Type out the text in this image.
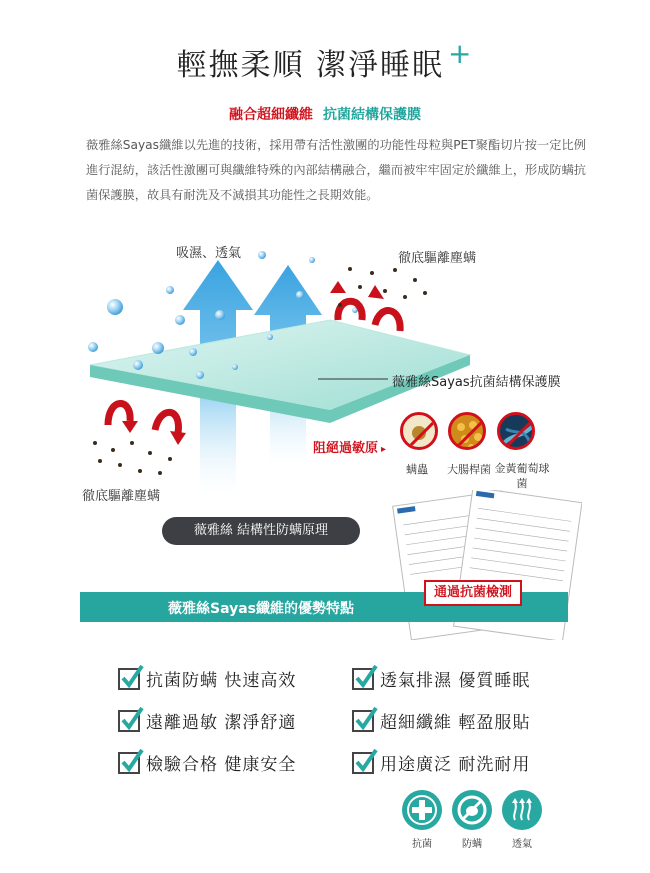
輕撫柔順 潔淨睡眠 +
融合超細纖維 抗菌結構保護膜
薇雅絲Sayas纖維以先進的技術，採用帶有活性激團的功能性母粒與PET聚酯切片按一定比例進行混紡，該活性激團可與纖維特殊的內部結構融合，繼而被牢牢固定於纖維上，形成防螨抗菌保護膜，故具有耐洗及不減損其功能性之長期效能。
吸濕、透氣	徹底驅離塵螨
薇雅絲Sayas抗菌結構保護膜
徹底驅離塵螨
阻絕過敏原 ▸
螨蟲 大腸桿菌 金黃葡萄球菌
薇雅絲 結構性防螨原理
薇雅絲Sayas纖維的優勢特點
通過抗菌檢測
抗菌防螨 快速高效	透氣排濕 優質睡眠
遠離過敏 潔淨舒適	超細纖維 輕盈服貼
檢驗合格 健康安全	用途廣泛 耐洗耐用
抗菌	防螨	透氣
